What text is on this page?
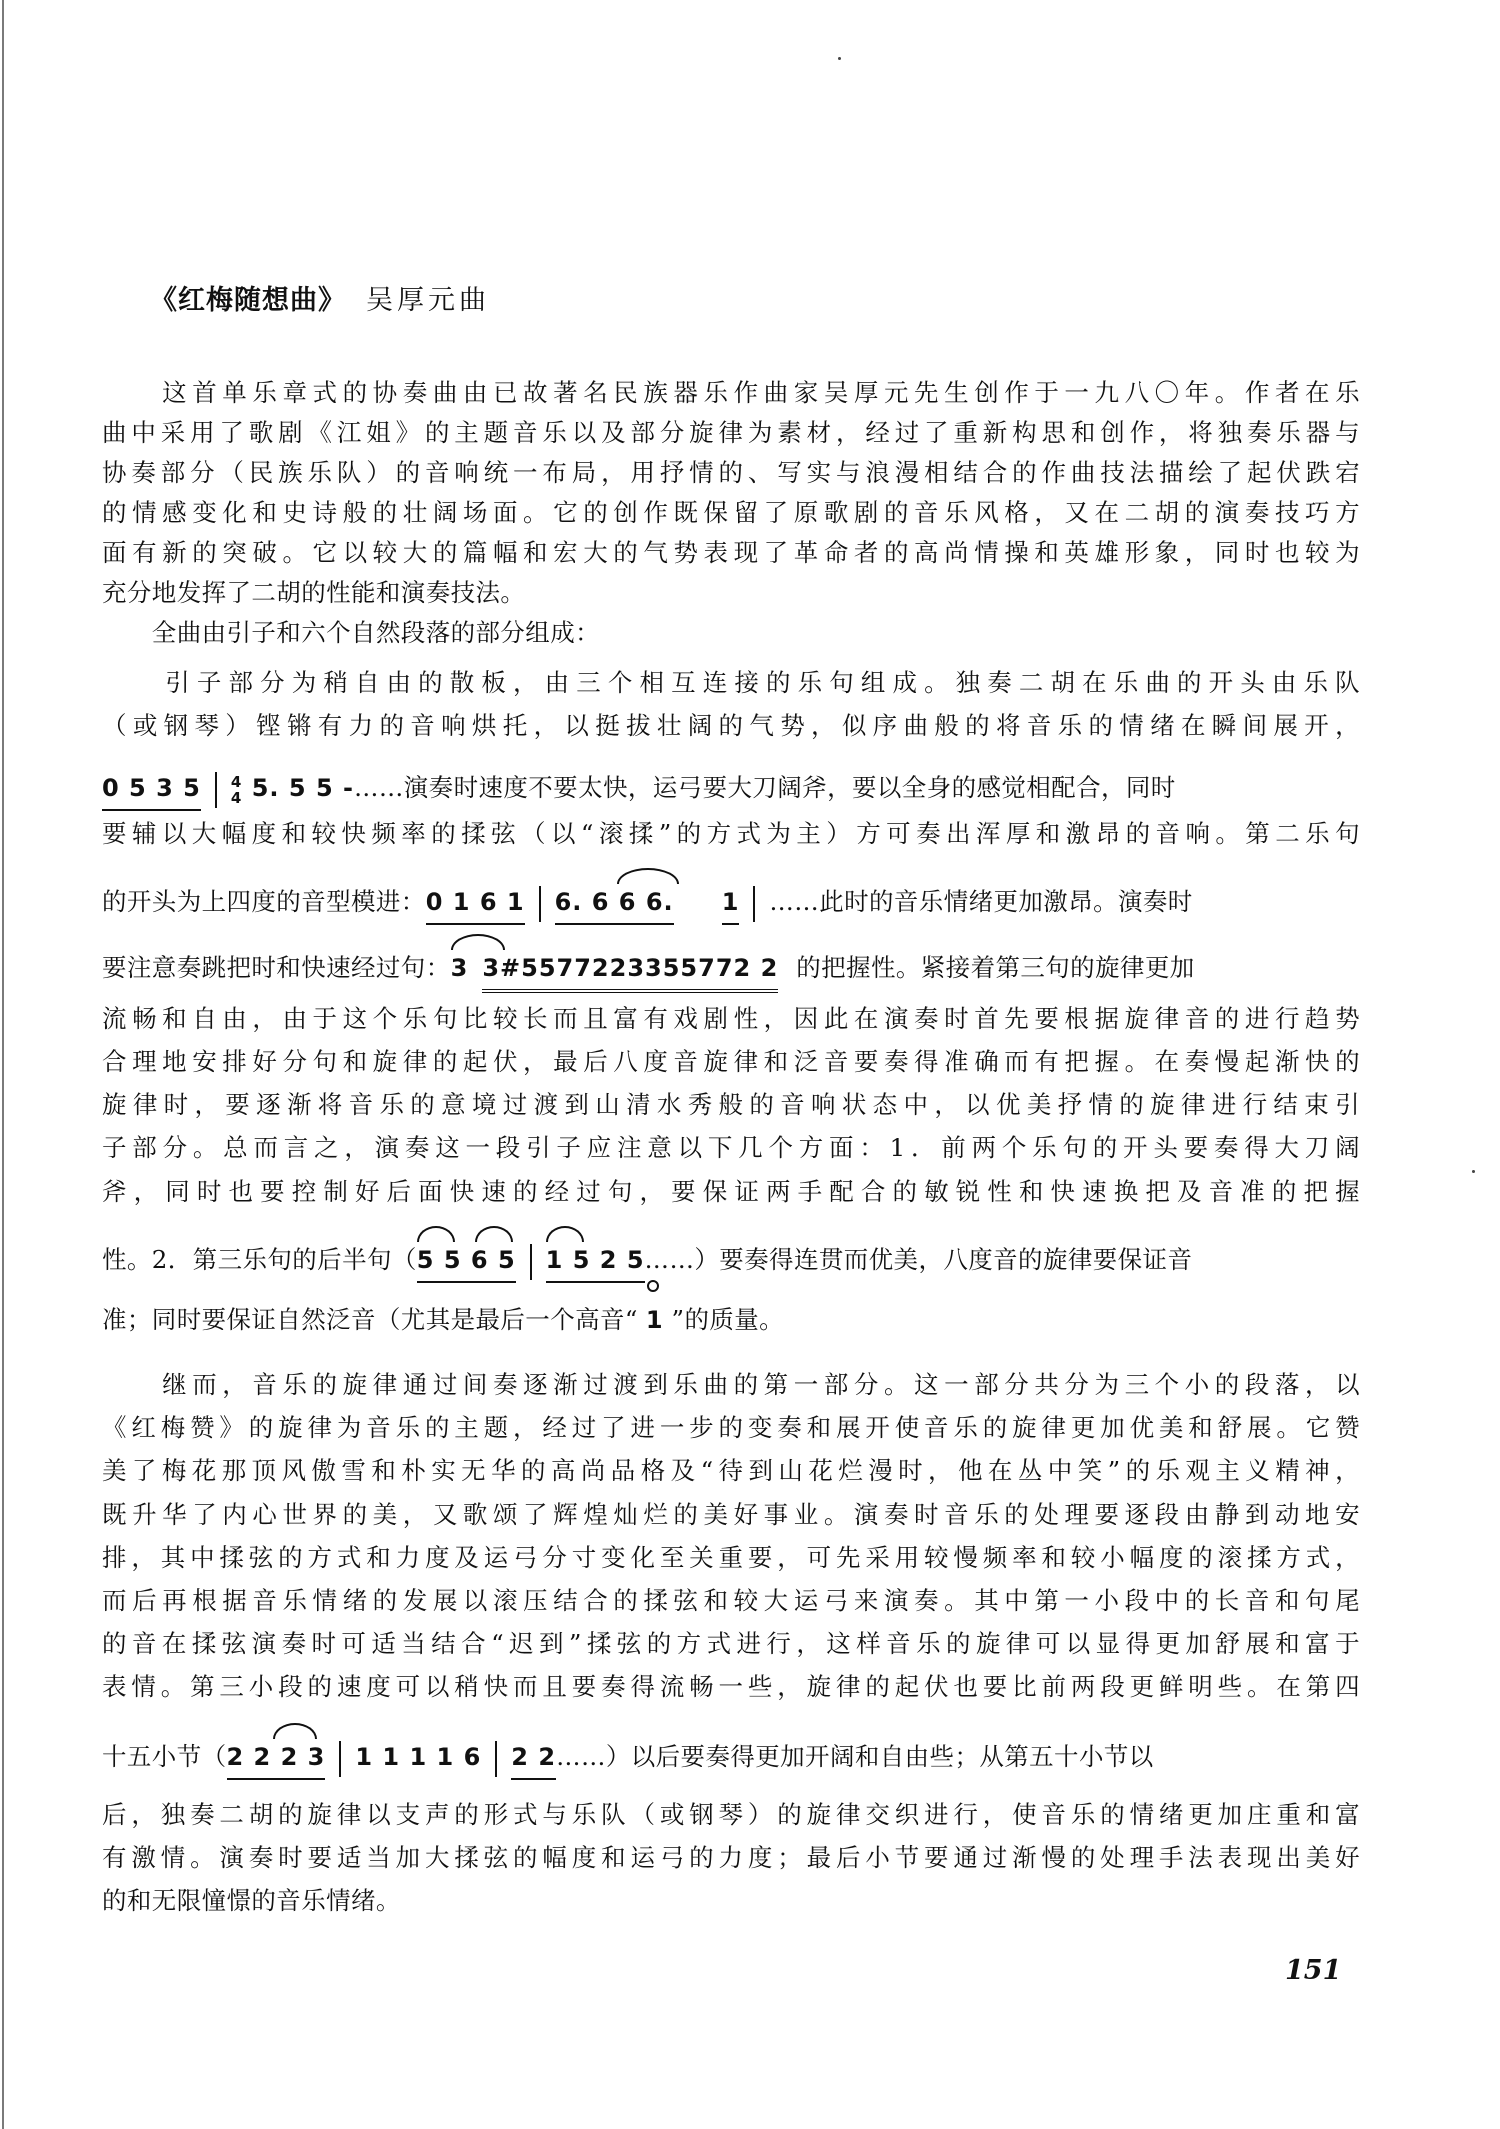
《红梅随想曲》 吴厚元曲
　　这首单乐章式的协奏曲由已故著名民族器乐作曲家吴厚元先生创作于一九八〇年。作者在乐
曲中采用了歌剧《江姐》的主题音乐以及部分旋律为素材，经过了重新构思和创作，将独奏乐器与
协奏部分（民族乐队）的音响统一布局，用抒情的、写实与浪漫相结合的作曲技法描绘了起伏跌宕
的情感变化和史诗般的壮阔场面。它的创作既保留了原歌剧的音乐风格，又在二胡的演奏技巧方
面有新的突破。它以较大的篇幅和宏大的气势表现了革命者的高尚情操和英雄形象，同时也较为
充分地发挥了二胡的性能和演奏技法。
　　全曲由引子和六个自然段落的部分组成：
　　引子部分为稍自由的散板，由三个相互连接的乐句组成。独奏二胡在乐曲的开头由乐队
（或钢琴）铿锵有力的音响烘托，以挺拔壮阔的气势，似序曲般的将音乐的情绪在瞬间展开，
0 5 3 5 4
4 5. 5 5 -……演奏时速度不要太快，运弓要大刀阔斧，要以全身的感觉相配合，同时
要辅以大幅度和较快频率的揉弦（以“滚揉”的方式为主）方可奏出浑厚和激昂的音响。第二乐句
的开头为上四度的音型模进：0 1 6 1 6. 6 6 6. 1 ……此时的音乐情绪更加激昂。演奏时
要注意奏跳把时和快速经过句：3 3#5577223355772 2 的把握性。紧接着第三句的旋律更加
流畅和自由，由于这个乐句比较长而且富有戏剧性，因此在演奏时首先要根据旋律音的进行趋势
合理地安排好分句和旋律的起伏，最后八度音旋律和泛音要奏得准确而有把握。在奏慢起渐快的
旋律时，要逐渐将音乐的意境过渡到山清水秀般的音响状态中，以优美抒情的旋律进行结束引
子部分。总而言之，演奏这一段引子应注意以下几个方面：1．前两个乐句的开头要奏得大刀阔
斧，同时也要控制好后面快速的经过句，要保证两手配合的敏锐性和快速换把及音准的把握
性。2．第三乐句的后半句（5 5 6 5 1 5 2 5
……）要奏得连贯而优美，八度音的旋律要保证音
准；同时要保证自然泛音（尤其是最后一个高音“ 1 ”的质量。
　　继而，音乐的旋律通过间奏逐渐过渡到乐曲的第一部分。这一部分共分为三个小的段落，以
《红梅赞》的旋律为音乐的主题，经过了进一步的变奏和展开使音乐的旋律更加优美和舒展。它赞
美了梅花那顶风傲雪和朴实无华的高尚品格及“待到山花烂漫时，他在丛中笑”的乐观主义精神，
既升华了内心世界的美，又歌颂了辉煌灿烂的美好事业。演奏时音乐的处理要逐段由静到动地安
排，其中揉弦的方式和力度及运弓分寸变化至关重要，可先采用较慢频率和较小幅度的滚揉方式，
而后再根据音乐情绪的发展以滚压结合的揉弦和较大运弓来演奏。其中第一小段中的长音和句尾
的音在揉弦演奏时可适当结合“迟到”揉弦的方式进行，这样音乐的旋律可以显得更加舒展和富于
表情。第三小段的速度可以稍快而且要奏得流畅一些，旋律的起伏也要比前两段更鲜明些。在第四
十五小节（2 2 2 3 1 1 1 1 6 2 2……）以后要奏得更加开阔和自由些；从第五十小节以
后，独奏二胡的旋律以支声的形式与乐队（或钢琴）的旋律交织进行，使音乐的情绪更加庄重和富
有激情。演奏时要适当加大揉弦的幅度和运弓的力度；最后小节要通过渐慢的处理手法表现出美好
的和无限憧憬的音乐情绪。
151
